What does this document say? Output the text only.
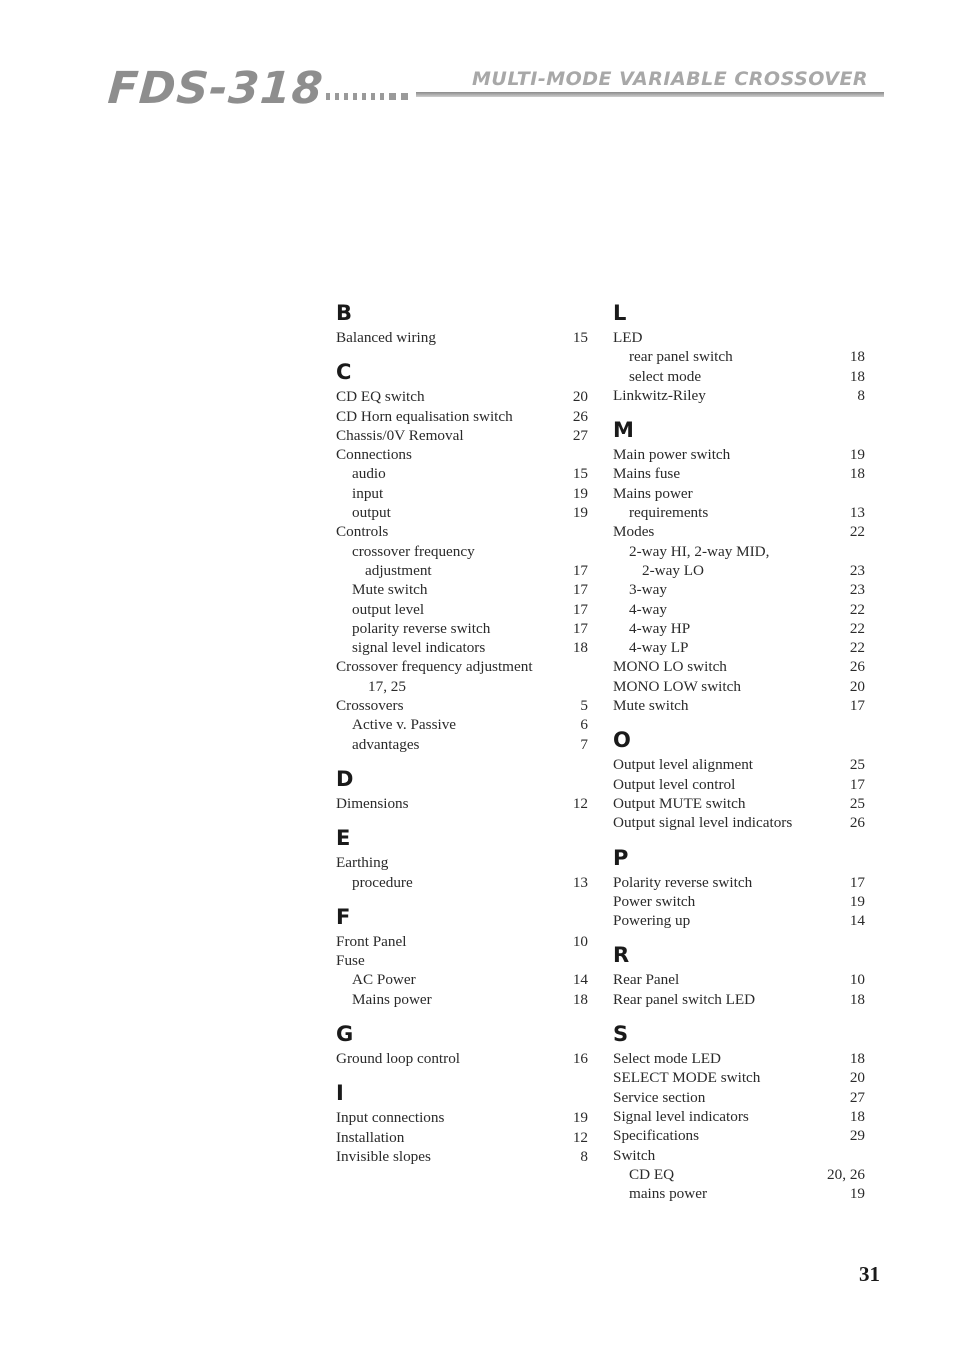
FDS-318	MULTI-MODE VARIABLE CROSSOVER
B
Balanced wiring	15
C
CD EQ switch	20
CD Horn equalisation switch	26
Chassis/0V Removal	27
Connections
audio	15
input	19
output	19
Controls
crossover frequency
adjustment	17
Mute switch	17
output level	17
polarity reverse switch	17
signal level indicators	18
Crossover frequency adjustment
17, 25
Crossovers	5
Active v. Passive	6
advantages	7
D
Dimensions	12
E
Earthing
procedure	13
F
Front Panel	10
Fuse
AC Power	14
Mains power	18
G
Ground loop control	16
I
Input connections	19
Installation	12
Invisible slopes	8
L
LED
rear panel switch	18
select mode	18
Linkwitz-Riley	8
M
Main power switch	19
Mains fuse	18
Mains power
requirements	13
Modes	22
2-way HI, 2-way MID,
2-way LO	23
3-way	23
4-way	22
4-way HP	22
4-way LP	22
MONO LO switch	26
MONO LOW switch	20
Mute switch	17
O
Output level alignment	25
Output level control	17
Output MUTE switch	25
Output signal level indicators	26
P
Polarity reverse switch	17
Power switch	19
Powering up	14
R
Rear Panel	10
Rear panel switch LED	18
S
Select mode LED	18
SELECT MODE switch	20
Service section	27
Signal level indicators	18
Specifications	29
Switch
CD EQ	20, 26
mains power	19
31
